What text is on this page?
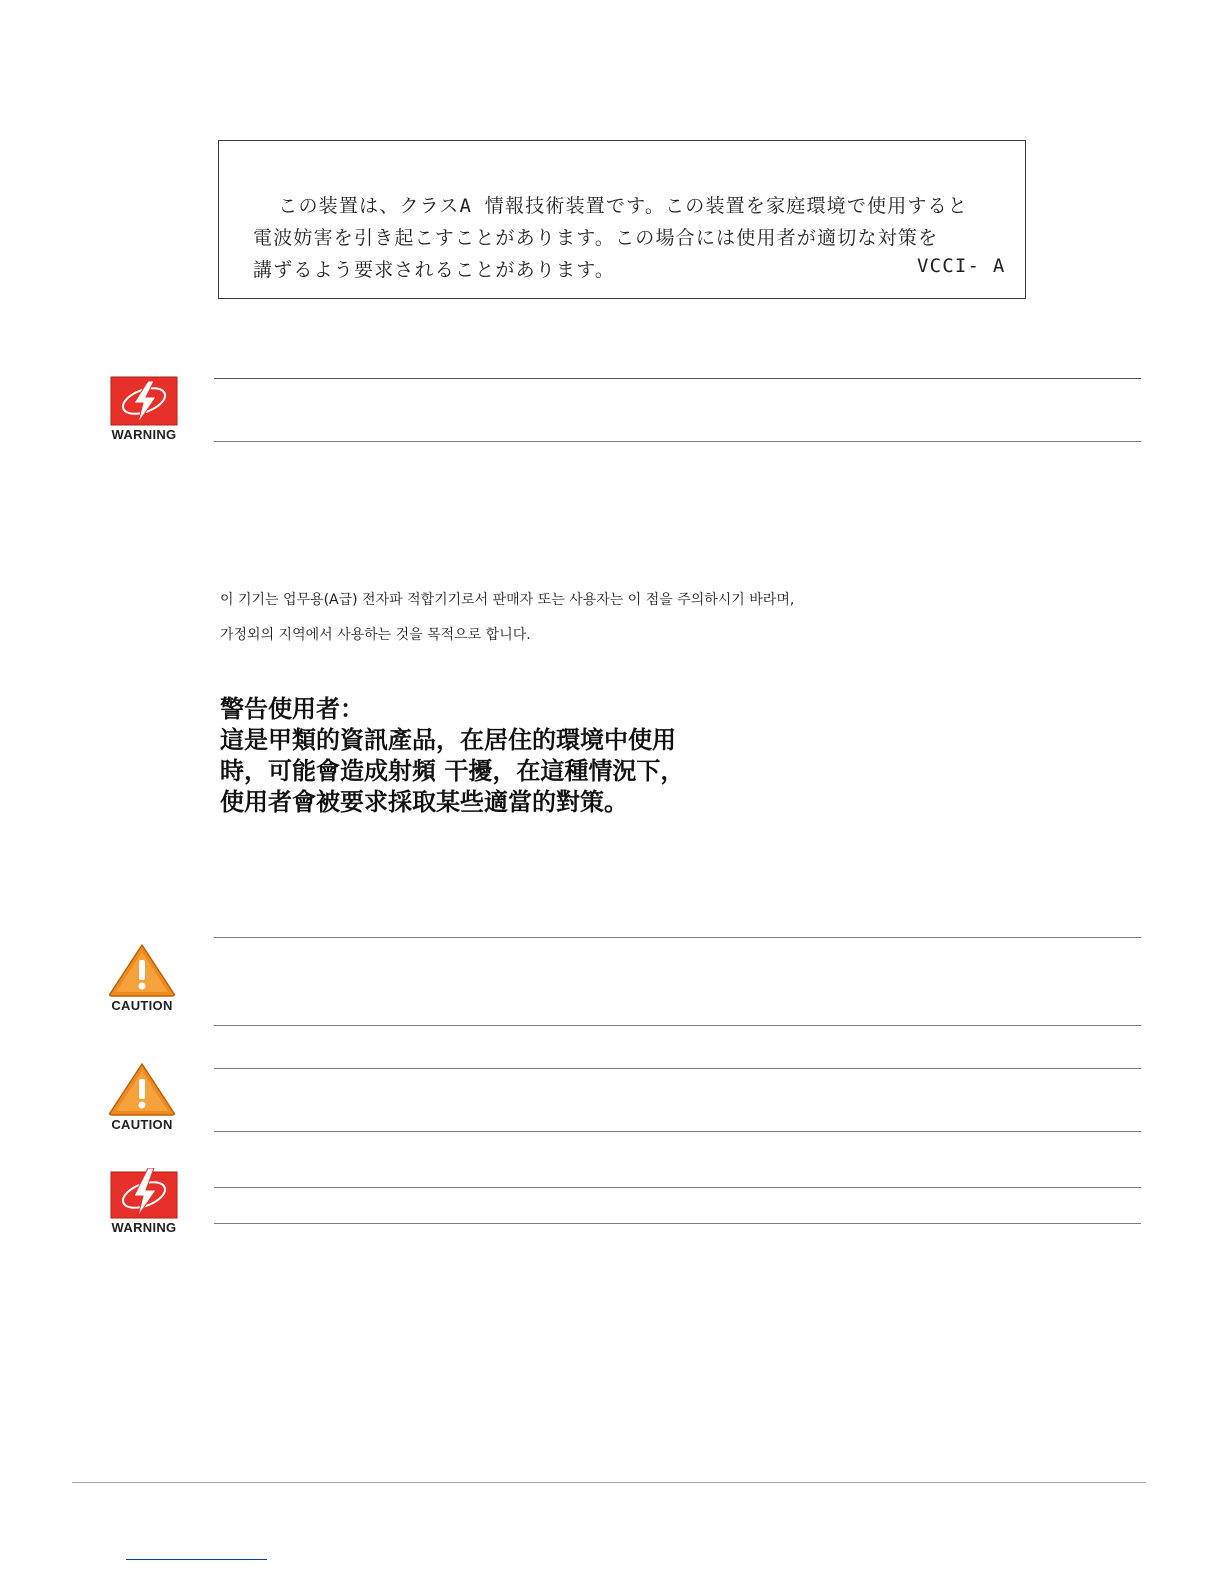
この装置は、クラスA 情報技術装置です。この装置を家庭環境で使用すると
電波妨害を引き起こすことがあります。この場合には使用者が適切な対策を
講ずるよう要求されることがあります。	VCCI- A
WARNING
이 기기는 업무용(A급) 전자파 적합기기로서 판매자 또는 사용자는 이 점을 주의하시기 바라며,
가정외의 지역에서 사용하는 것을 목적으로 합니다.
警告使用者：
這是甲類的資訊產品，在居住的環境中使用
時，可能會造成射頻 干擾，在這種情況下，
使用者會被要求採取某些適當的對策。
CAUTION
CAUTION
WARNING
